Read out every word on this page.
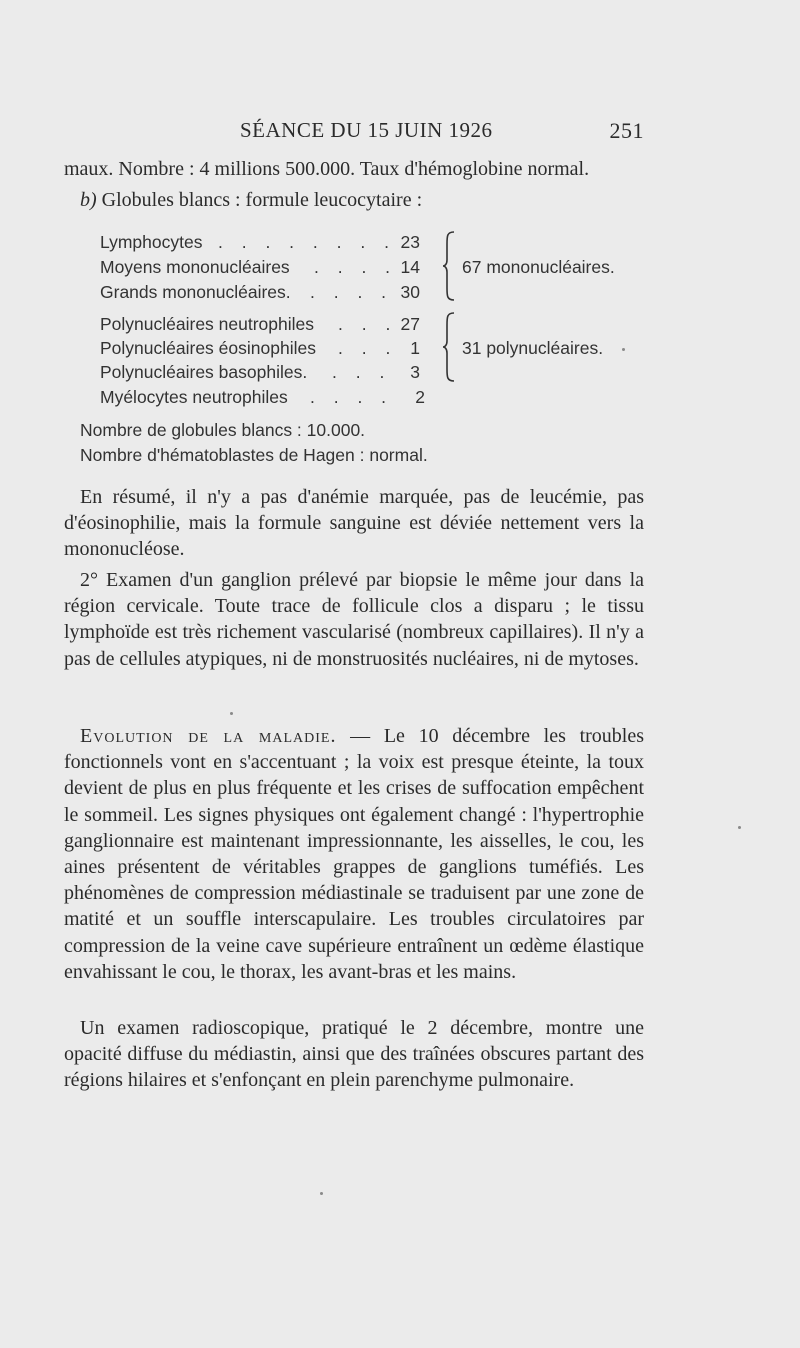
SÉANCE DU 15 JUIN 1926	251
maux. Nombre : 4 millions 500.000. Taux d'hémoglobine normal.
b) Globules blancs : formule leucocytaire :
Lymphocytes . . . . . . . . 23
Moyens mononucléaires . . . . 14
Grands mononucléaires. . . . . 30
Polynucléaires neutrophiles . . . 27
Polynucléaires éosinophiles . . . 1
Polynucléaires basophiles. . . .	3
Myélocytes neutrophiles . . . .	2
67 mononucléaires.
31 polynucléaires.
Nombre de globules blancs : 10.000.
Nombre d'hématoblastes de Hagen : normal.

En résumé, il n'y a pas d'anémie marquée, pas de leucémie, pas d'éosinophilie, mais la formule sanguine est déviée nettement vers la mononucléose.

2° Examen d'un ganglion prélevé par biopsie le même jour dans la région cervicale. Toute trace de follicule clos a disparu ; le tissu lymphoïde est très richement vascularisé (nombreux capillaires). Il n'y a pas de cellules atypiques, ni de monstruosités nucléaires, ni de mytoses.

Evolution de la maladie. — Le 10 décembre les troubles fonctionnels vont en s'accentuant ; la voix est presque éteinte, la toux devient de plus en plus fréquente et les crises de suffocation empêchent le sommeil. Les signes physiques ont également changé : l'hypertrophie ganglionnaire est maintenant impressionnante, les aisselles, le cou, les aines présentent de véritables grappes de ganglions tuméfiés. Les phénomènes de compression médiastinale se traduisent par une zone de matité et un souffle interscapulaire. Les troubles circulatoires par compression de la veine cave supérieure entraînent un œdème élastique envahissant le cou, le thorax, les avant-bras et les mains.

Un examen radioscopique, pratiqué le 2 décembre, montre une opacité diffuse du médiastin, ainsi que des traînées obscures partant des régions hilaires et s'enfonçant en plein parenchyme pulmonaire.
